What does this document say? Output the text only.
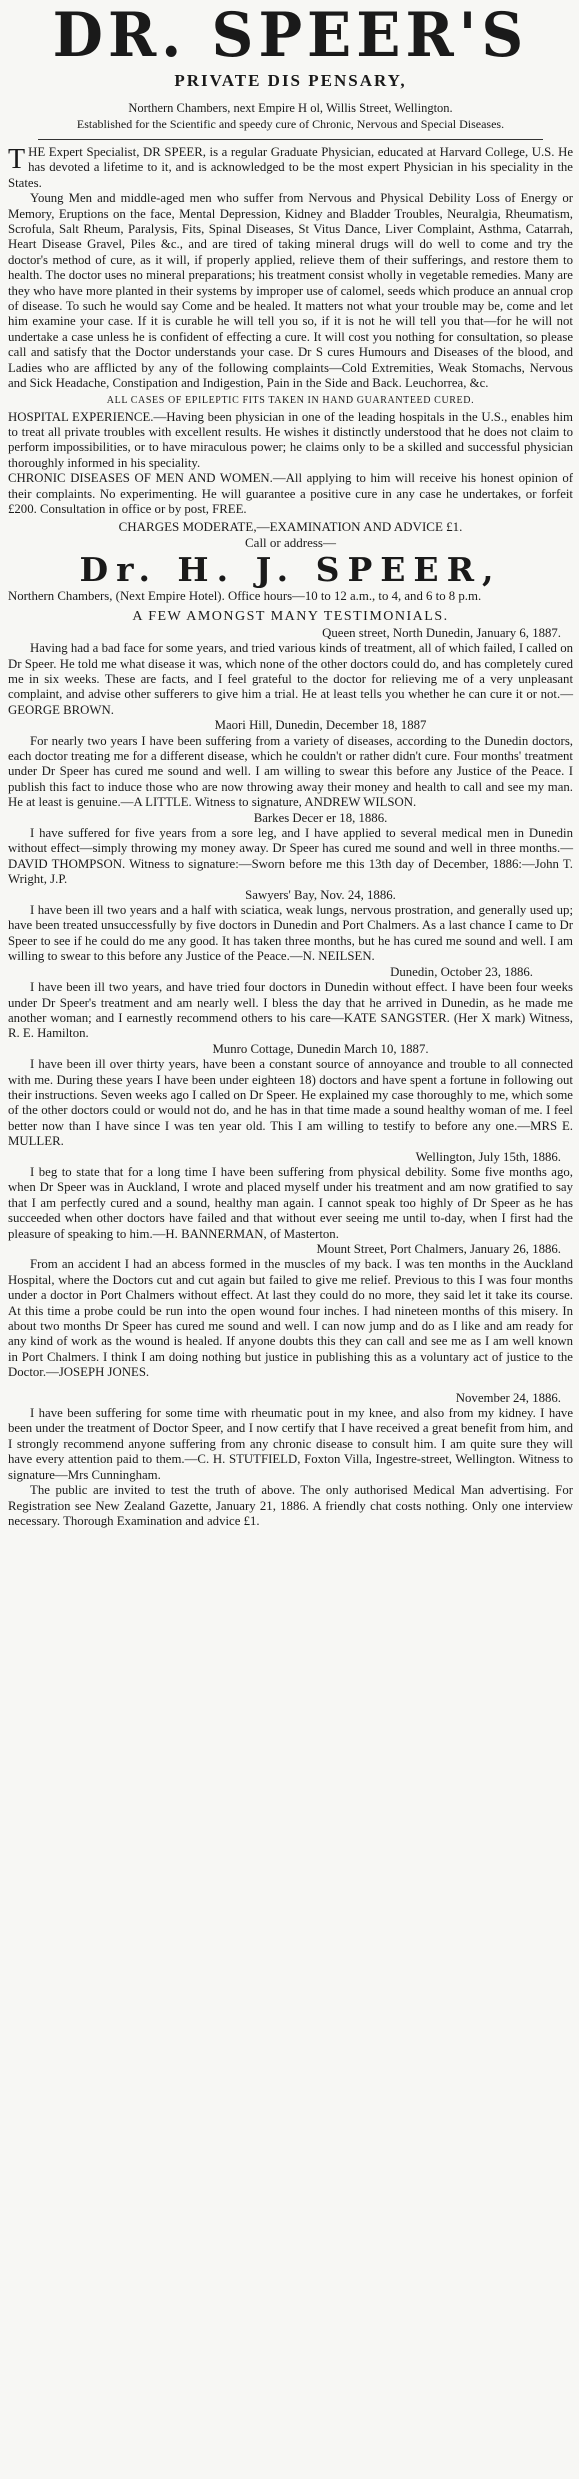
DR. SPEER'S
PRIVATE DIS PENSARY,

Northern Chambers, next Empire H ol, Willis Street, Wellington.

Established for the Scientific and speedy cure of Chronic, Nervous and Special Diseases.

THE Expert Specialist, DR SPEER, is a regular Graduate Physician, educated at Harvard College, U.S. He has devoted a lifetime to it, and is acknowledged to be the most expert Physician in his speciality in the States.

Young Men and middle-aged men who suffer from Nervous and Physical Debility Loss of Energy or Memory, Eruptions on the face, Mental Depression, Kidney and Bladder Troubles, Neuralgia, Rheumatism, Scrofula, Salt Rheum, Paralysis, Fits, Spinal Diseases, St Vitus Dance, Liver Complaint, Asthma, Catarrah, Heart Disease Gravel, Piles &c., and are tired of taking mineral drugs will do well to come and try the doctor's method of cure, as it will, if properly applied, relieve them of their sufferings, and restore them to health. The doctor uses no mineral preparations; his treatment consist wholly in vegetable remedies. Many are they who have more planted in their systems by improper use of calomel, seeds which produce an annual crop of disease. To such he would say Come and be healed. It matters not what your trouble may be, come and let him examine your case. If it is curable he will tell you so, if it is not he will tell you that—for he will not undertake a case unless he is confident of effecting a cure. It will cost you nothing for consultation, so please call and satisfy that the Doctor understands your case. Dr S cures Humours and Diseases of the blood, and Ladies who are afflicted by any of the following complaints—Cold Extremities, Weak Stomachs, Nervous and Sick Headache, Constipation and Indigestion, Pain in the Side and Back. Leuchorrea, &c.

ALL CASES OF EPILEPTIC FITS TAKEN IN HAND GUARANTEED CURED.

HOSPITAL EXPERIENCE.—Having been physician in one of the leading hospitals in the U.S., enables him to treat all private troubles with excellent results. He wishes it distinctly understood that he does not claim to perform impossibilities, or to have miraculous power; he claims only to be a skilled and successful physician thoroughly informed in his speciality.

CHRONIC DISEASES OF MEN AND WOMEN.—All applying to him will receive his honest opinion of their complaints. No experimenting. He will guarantee a positive cure in any case he undertakes, or forfeit £200. Consultation in office or by post, FREE.

CHARGES MODERATE,—EXAMINATION AND ADVICE £1.

Call or address—

Dr. H. J. SPEER,

Northern Chambers, (Next Empire Hotel). Office hours—10 to 12 a.m., to 4, and 6 to 8 p.m.

A FEW AMONGST MANY TESTIMONIALS.

Queen street, North Dunedin, January 6, 1887.

Having had a bad face for some years, and tried various kinds of treatment, all of which failed, I called on Dr Speer. He told me what disease it was, which none of the other doctors could do, and has completely cured me in six weeks. These are facts, and I feel grateful to the doctor for relieving me of a very unpleasant complaint, and advise other sufferers to give him a trial. He at least tells you whether he can cure it or not.—GEORGE BROWN.

Maori Hill, Dunedin, December 18, 1887

For nearly two years I have been suffering from a variety of diseases, according to the Dunedin doctors, each doctor treating me for a different disease, which he couldn't or rather didn't cure. Four months' treatment under Dr Speer has cured me sound and well. I am willing to swear this before any Justice of the Peace. I publish this fact to induce those who are now throwing away their money and health to call and see my man. He at least is genuine.—A LITTLE. Witness to signature, ANDREW WILSON.

Barkes Decer er 18, 1886.

I have suffered for five years from a sore leg, and I have applied to several medical men in Dunedin without effect—simply throwing my money away. Dr Speer has cured me sound and well in three months.—DAVID THOMPSON. Witness to signature:—Sworn before me this 13th day of December, 1886:—John T. Wright, J.P.

Sawyers' Bay, Nov. 24, 1886.

I have been ill two years and a half with sciatica, weak lungs, nervous prostration, and generally used up; have been treated unsuccessfully by five doctors in Dunedin and Port Chalmers. As a last chance I came to Dr Speer to see if he could do me any good. It has taken three months, but he has cured me sound and well. I am willing to swear to this before any Justice of the Peace.—N. NEILSEN.

Dunedin, October 23, 1886.

I have been ill two years, and have tried four doctors in Dunedin without effect. I have been four weeks under Dr Speer's treatment and am nearly well. I bless the day that he arrived in Dunedin, as he made me another woman; and I earnestly recommend others to his care—KATE SANGSTER. (Her X mark) Witness, R. E. Hamilton.

Munro Cottage, Dunedin March 10, 1887.

I have been ill over thirty years, have been a constant source of annoyance and trouble to all connected with me. During these years I have been under eighteen 18) doctors and have spent a fortune in following out their instructions. Seven weeks ago I called on Dr Speer. He explained my case thoroughly to me, which some of the other doctors could or would not do, and he has in that time made a sound healthy woman of me. I feel better now than I have since I was ten year old. This I am willing to testify to before any one.—MRS E. MULLER.

Wellington, July 15th, 1886.

I beg to state that for a long time I have been suffering from physical debility. Some five months ago, when Dr Speer was in Auckland, I wrote and placed myself under his treatment and am now gratified to say that I am perfectly cured and a sound, healthy man again. I cannot speak too highly of Dr Speer as he has succeeded when other doctors have failed and that without ever seeing me until to-day, when I first had the pleasure of speaking to him.—H. BANNERMAN, of Masterton.

Mount Street, Port Chalmers, January 26, 1886.

From an accident I had an abcess formed in the muscles of my back. I was ten months in the Auckland Hospital, where the Doctors cut and cut again but failed to give me relief. Previous to this I was four months under a doctor in Port Chalmers without effect. At last they could do no more, they said let it take its course. At this time a probe could be run into the open wound four inches. I had nineteen months of this misery. In about two months Dr Speer has cured me sound and well. I can now jump and do as I like and am ready for any kind of work as the wound is healed. If anyone doubts this they can call and see me as I am well known in Port Chalmers. I think I am doing nothing but justice in publishing this as a voluntary act of justice to the Doctor.—JOSEPH JONES.

November 24, 1886.

I have been suffering for some time with rheumatic pout in my knee, and also from my kidney. I have been under the treatment of Doctor Speer, and I now certify that I have received a great benefit from him, and I strongly recommend anyone suffering from any chronic disease to consult him. I am quite sure they will have every attention paid to them.—C. H. STUTFIELD, Foxton Villa, Ingestre-street, Wellington. Witness to signature—Mrs Cunningham.

The public are invited to test the truth of above. The only authorised Medical Man advertising. For Registration see New Zealand Gazette, January 21, 1886. A friendly chat costs nothing. Only one interview necessary. Thorough Examination and advice £1.
